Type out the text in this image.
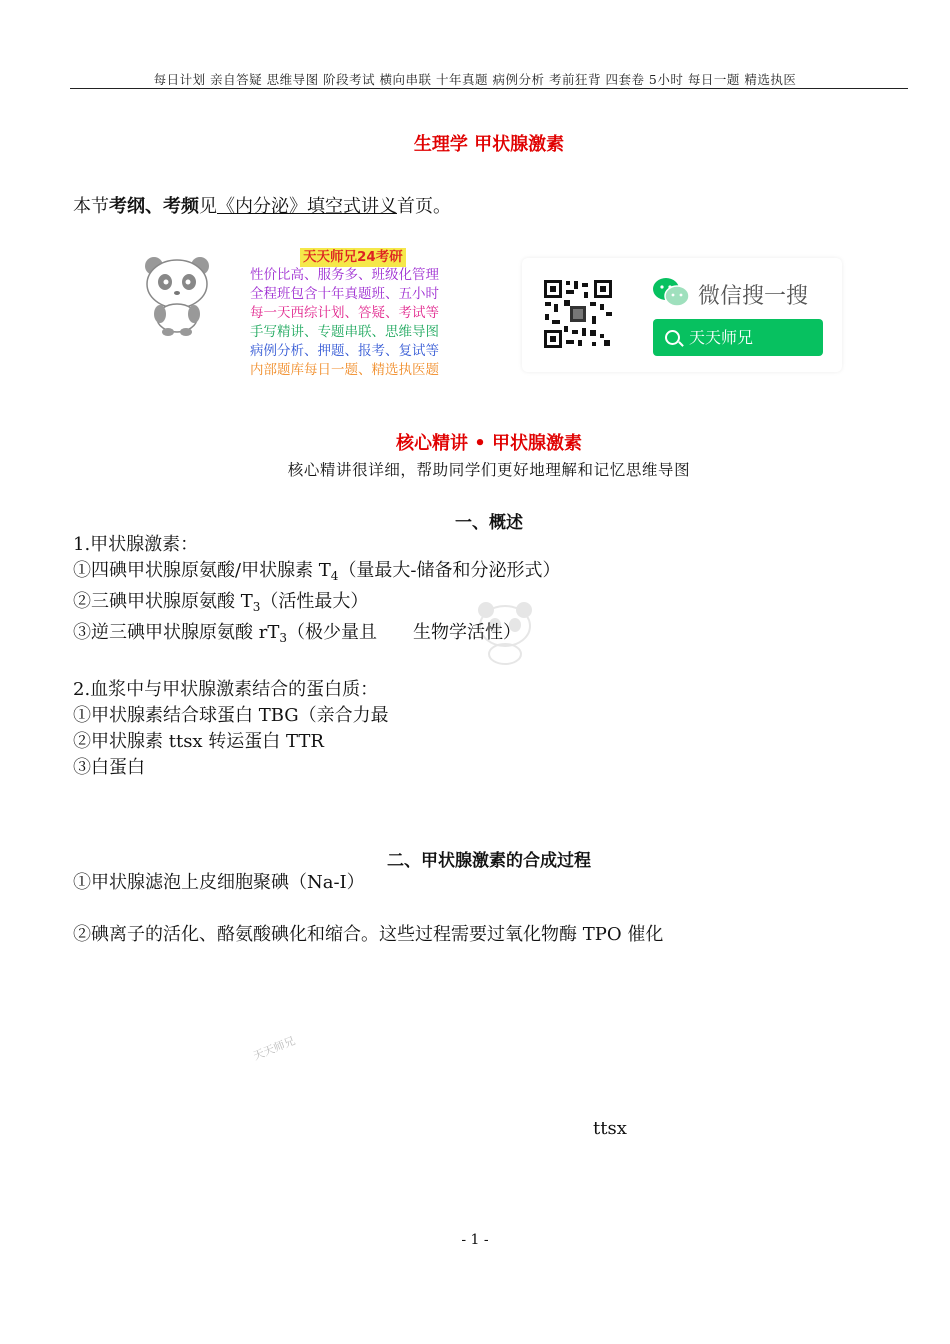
每日计划 亲自答疑 思维导图 阶段考试 横向串联 十年真题 病例分析 考前狂背 四套卷 5小时 每日一题 精选执医
生理学 甲状腺激素
本节考纲、考频见《内分泌》填空式讲义首页。
天天师兄24考研
性价比高、服务多、班级化管理
全程班包含十年真题班、五小时
每一天西综计划、答疑、考试等
手写精讲、专题串联、思维导图
病例分析、押题、报考、复试等
内部题库每日一题、精选执医题
微信搜一搜
天天师兄
核心精讲 • 甲状腺激素
核心精讲很详细，帮助同学们更好地理解和记忆思维导图
一、概述
1.甲状腺激素：
①四碘甲状腺原氨酸/甲状腺素 $T_4$（量最大-储备和分泌形式）
②三碘甲状腺原氨酸 $T_3$（活性最大）
③逆三碘甲状腺原氨酸 $rT_3$（极少量且　　生物学活性）
2.血浆中与甲状腺激素结合的蛋白质：
①甲状腺素结合球蛋白 TBG（亲合力最
②甲状腺素 ttsx 转运蛋白 TTR
③白蛋白
二、甲状腺激素的合成过程
①甲状腺滤泡上皮细胞聚碘（Na-I）
②碘离子的活化、酪氨酸碘化和缩合。这些过程需要过氧化物酶 TPO 催化
天天师兄
ttsx
- 1 -
